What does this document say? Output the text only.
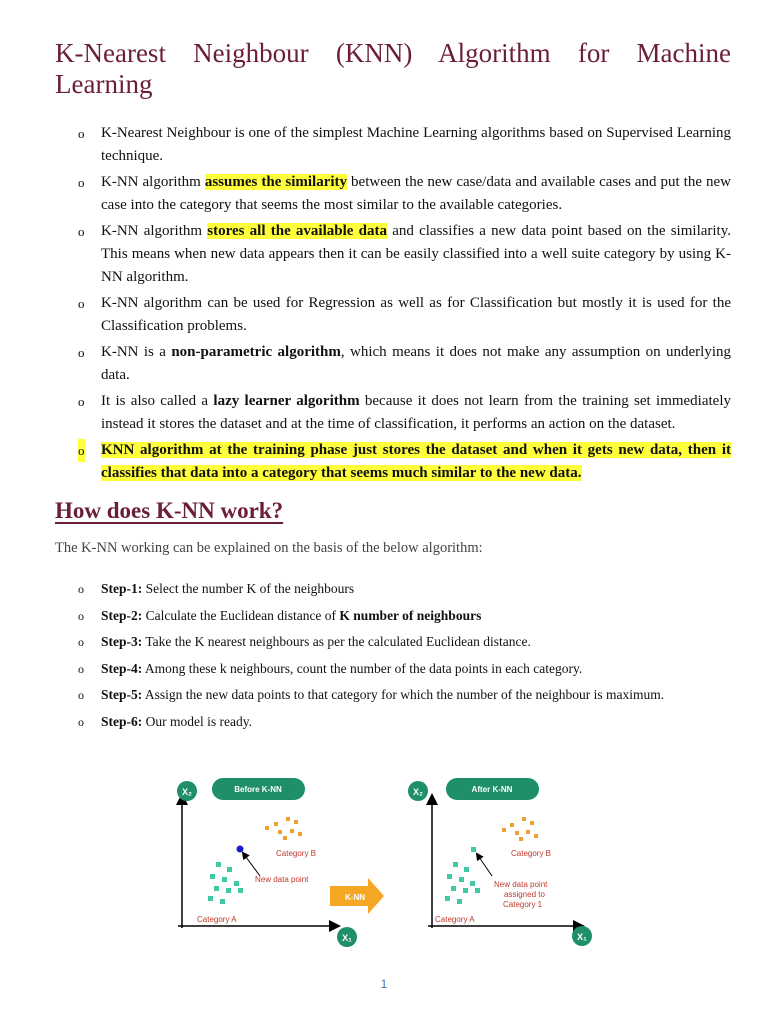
K-Nearest Neighbour (KNN) Algorithm for Machine Learning
o K-Nearest Neighbour is one of the simplest Machine Learning algorithms based on Supervised Learning technique.
o K-NN algorithm assumes the similarity between the new case/data and available cases and put the new case into the category that seems the most similar to the available categories.
o K-NN algorithm stores all the available data and classifies a new data point based on the similarity. This means when new data appears then it can be easily classified into a well suite category by using K- NN algorithm.
o K-NN algorithm can be used for Regression as well as for Classification but mostly it is used for the Classification problems.
o K-NN is a non-parametric algorithm, which means it does not make any assumption on underlying data.
o It is also called a lazy learner algorithm because it does not learn from the training set immediately instead it stores the dataset and at the time of classification, it performs an action on the dataset.
o KNN algorithm at the training phase just stores the dataset and when it gets new data, then it classifies that data into a category that seems much similar to the new data.
How does K-NN work?
The K-NN working can be explained on the basis of the below algorithm:
o Step-1: Select the number K of the neighbours
o Step-2: Calculate the Euclidean distance of K number of neighbours
o Step-3: Take the K nearest neighbours as per the calculated Euclidean distance.
o Step-4: Among these k neighbours, count the number of the data points in each category.
o Step-5: Assign the new data points to that category for which the number of the neighbour is maximum.
o Step-6: Our model is ready.
X₂
X₁
Before K-NN
Category B
New data point
Category A
K-NN
X₂
X₁
After K-NN
Category B
New data point
assigned to
Category 1
Category A
1
